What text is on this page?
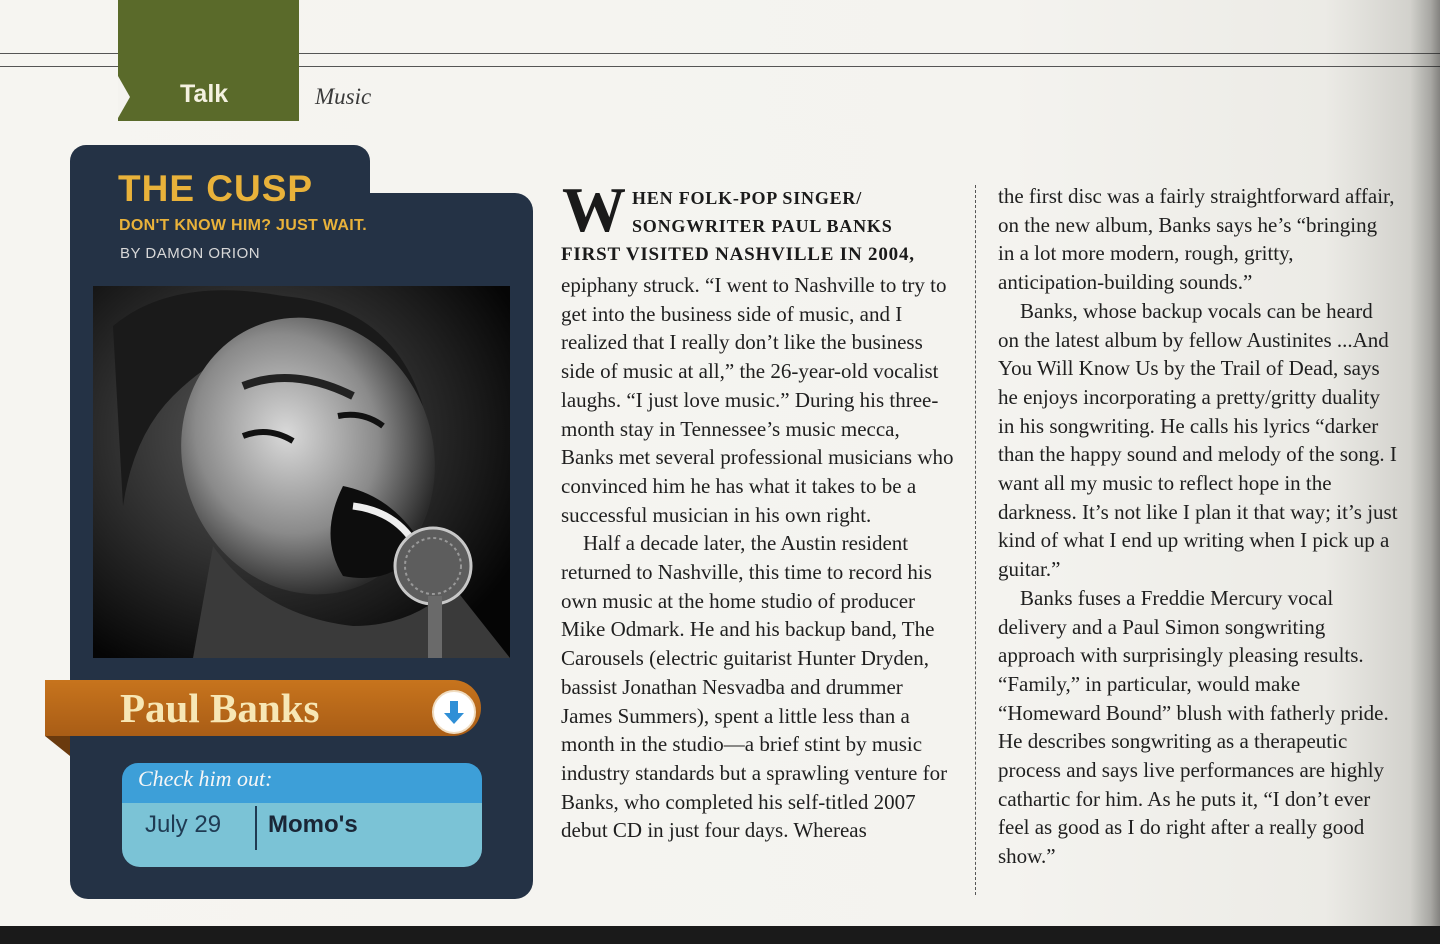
Talk	Music
THE CUSP
DON'T KNOW HIM? JUST WAIT.
BY DAMON ORION
Paul Banks
Check him out:
July 29 Momo's
W HEN FOLK-POP SINGER/
SONGWRITER PAUL BANKS
FIRST VISITED NASHVILLE IN 2004,

epiphany struck. “I went to Nashville to try to get into the business side of music, and I realized that I really don’t like the business side of music at all,” the 26-year-old vocalist laughs. “I just love music.” During his three-month stay in Tennessee’s music mecca, Banks met several professional musicians who convinced him he has what it takes to be a successful musician in his own right.

Half a decade later, the Austin resident returned to Nashville, this time to record his own music at the home studio of producer Mike Odmark. He and his backup band, The Carousels (electric guitarist Hunter Dryden, bassist Jonathan Nesvadba and drummer James Summers), spent a little less than a month in the studio—a brief stint by music industry standards but a sprawling venture for Banks, who completed his self-titled 2007 debut CD in just four days. Whereas

the first disc was a fairly straightforward affair, on the new album, Banks says he’s “bringing in a lot more modern, rough, gritty, anticipation-building sounds.”

Banks, whose backup vocals can be heard on the latest album by fellow Austinites ...And You Will Know Us by the Trail of Dead, says he enjoys incorporating a pretty/gritty duality in his songwriting. He calls his lyrics “darker than the happy sound and melody of the song. I want all my music to reflect hope in the darkness. It’s not like I plan it that way; it’s just kind of what I end up writing when I pick up a guitar.”

Banks fuses a Freddie Mercury vocal delivery and a Paul Simon songwriting approach with surprisingly pleasing results. “Family,” in particular, would make “Homeward Bound” blush with fatherly pride. He describes songwriting as a therapeutic process and says live performances are highly cathartic for him. As he puts it, “I don’t ever feel as good as I do right after a really good show.”
